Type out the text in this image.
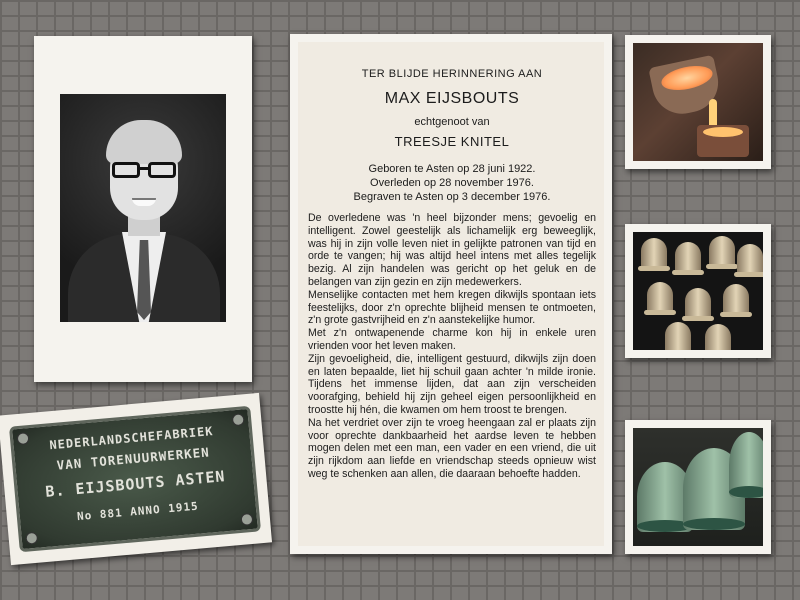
TER BLIJDE HERINNERING AAN
MAX EIJSBOUTS
echtgenoot van
TREESJE KNITEL
Geboren te Asten op 28 juni 1922.
Overleden op 28 november 1976.
Begraven te Asten op 3 december 1976.

De overledene was 'n heel bijzonder mens; gevoelig en intelligent. Zowel geestelijk als lichamelijk erg beweeglijk, was hij in zijn volle leven niet in gelijkte patronen van tijd en orde te vangen; hij was altijd heel intens met alles tegelijk bezig. Al zijn handelen was gericht op het geluk en de belangen van zijn gezin en zijn medewerkers.

Menselijke contacten met hem kregen dikwijls spontaan iets feestelijks, door z'n oprechte blijheid mensen te ontmoeten, z'n grote gastvrijheid en z'n aanstekelijke humor.

Met z'n ontwapenende charme kon hij in enkele uren vrienden voor het leven maken.

Zijn gevoeligheid, die, intelligent gestuurd, dikwijls zijn doen en laten bepaalde, liet hij schuil gaan achter 'n milde ironie. Tijdens het immense lijden, dat aan zijn verscheiden voorafging, behield hij zijn geheel eigen persoonlijkheid en troostte hij hén, die kwamen om hem troost te brengen.

Na het verdriet over zijn te vroeg heengaan zal er plaats zijn voor oprechte dankbaarheid het aardse leven te hebben mogen delen met een man, een vader en een vriend, die uit zijn rijkdom aan liefde en vriendschap steeds opnieuw wist weg te schenken aan allen, die daaraan behoefte hadden.

NEDERLANDSCHEFABRIEK
VAN TORENUURWERKEN
B. EIJSBOUTS ASTEN
No 881 ANNO 1915
